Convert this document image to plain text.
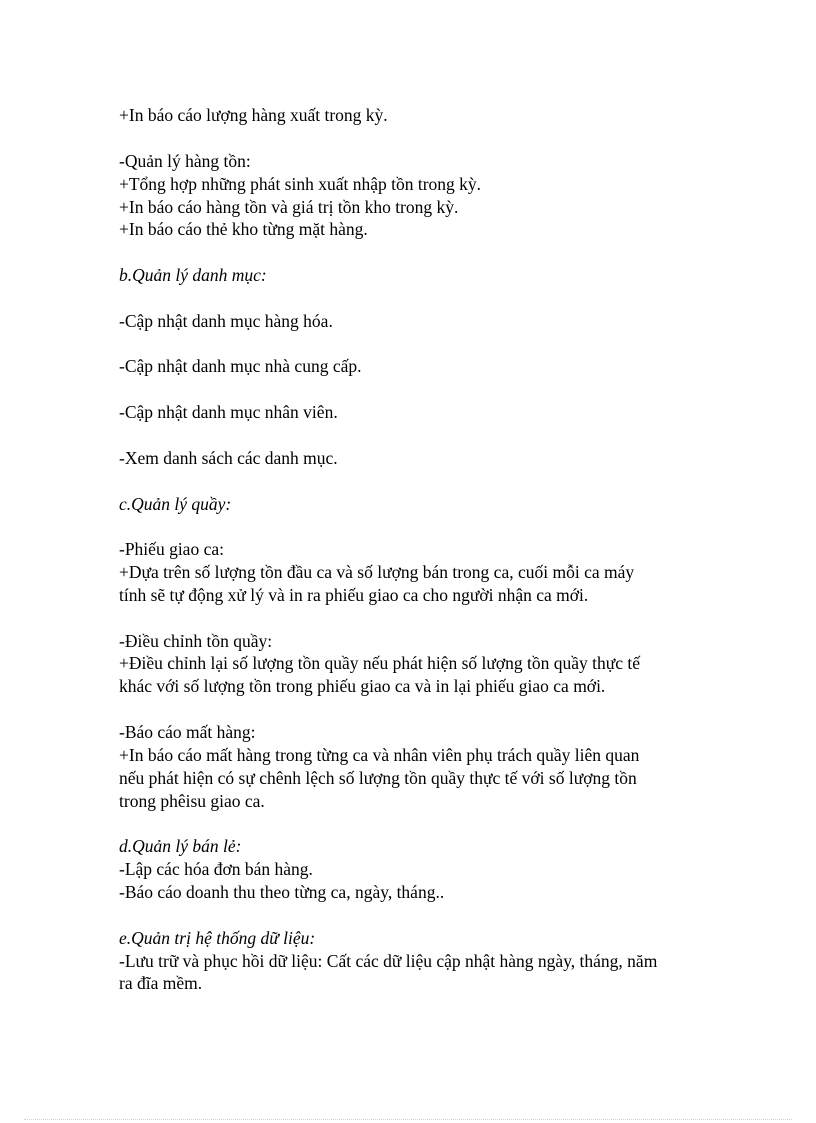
+In báo cáo lượng hàng xuất trong kỳ.
-Quản lý hàng tồn:
+Tổng hợp những phát sinh xuất nhập tồn trong kỳ.
+In báo cáo hàng tồn và giá trị tồn kho trong kỳ.
+In báo cáo thẻ kho từng mặt hàng.
b.Quản lý danh mục:
-Cập nhật danh mục hàng hóa.
-Cập nhật danh mục nhà cung cấp.
-Cập nhật danh mục nhân viên.
-Xem danh sách các danh mục.
c.Quản lý quầy:
-Phiếu giao ca:
+Dựa trên số lượng tồn đầu ca và số lượng bán trong ca, cuối mỗi ca máy
tính sẽ tự động xử lý và in ra phiếu giao ca cho người nhận ca mới.
-Điều chỉnh tồn quầy:
+Điều chỉnh lại số lượng tồn quầy nếu phát hiện số lượng tồn quầy thực tế
khác với số lượng tồn trong phiếu giao ca và in lại phiếu giao ca mới.
-Báo cáo mất hàng:
+In báo cáo mất hàng trong từng ca và nhân viên phụ trách quầy liên quan
nếu phát hiện có sự chênh lệch số lượng tồn quầy thực tế với số lượng tồn
trong phêisu giao ca.
d.Quản lý bán lẻ:
-Lập các hóa đơn bán hàng.
-Báo cáo doanh thu theo từng ca, ngày, tháng..
e.Quản trị hệ thống dữ liệu:
-Lưu trữ và phục hồi dữ liệu: Cất các dữ liệu cập nhật hàng ngày, tháng, năm
ra đĩa mềm.
